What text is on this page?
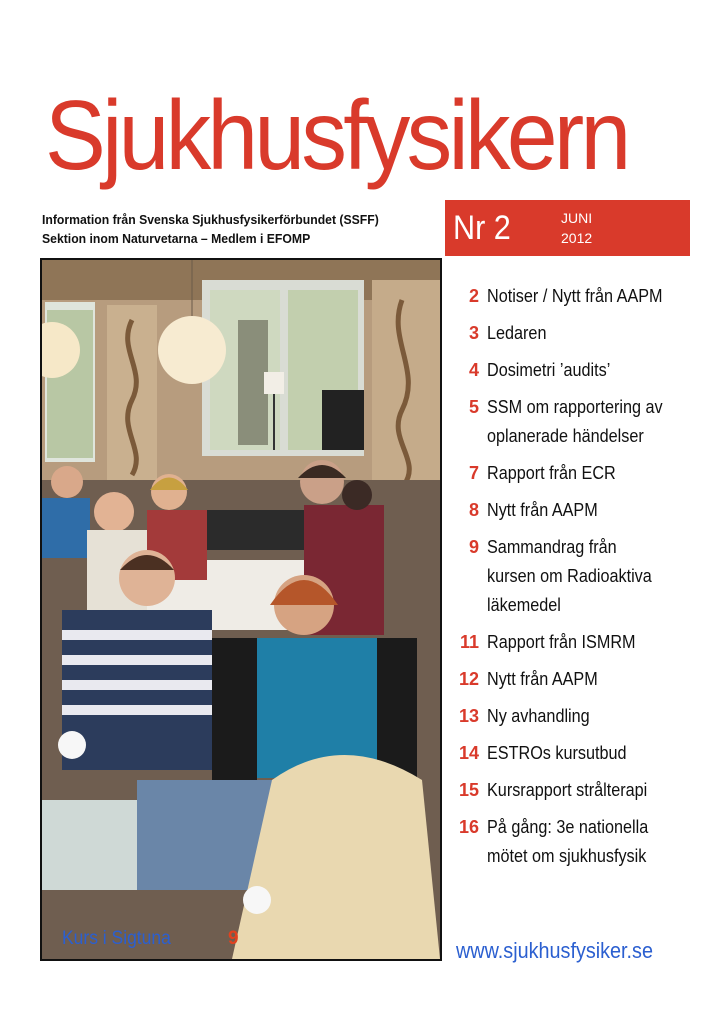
Sjukhusfysikern
Information från Svenska Sjukhusfysikerförbundet (SSFF)
Sektion inom Naturvetarna – Medlem i EFOMP	Nr 2	JUNI
2012
Kurs i Sigtuna	9
2 Notiser / Nytt från AAPM
3 Ledaren
4 Dosimetri ’audits’
5 SSM om rapportering av
oplanerade händelser
7 Rapport från ECR
8 Nytt från AAPM
9 Sammandrag från
kursen om Radioaktiva
läkemedel
11 Rapport från ISMRM
12 Nytt från AAPM
13 Ny avhandling
14 ESTROs kursutbud
15 Kursrapport strålterapi
16 På gång: 3e nationella
mötet om sjukhusfysik
www.sjukhusfysiker.se
